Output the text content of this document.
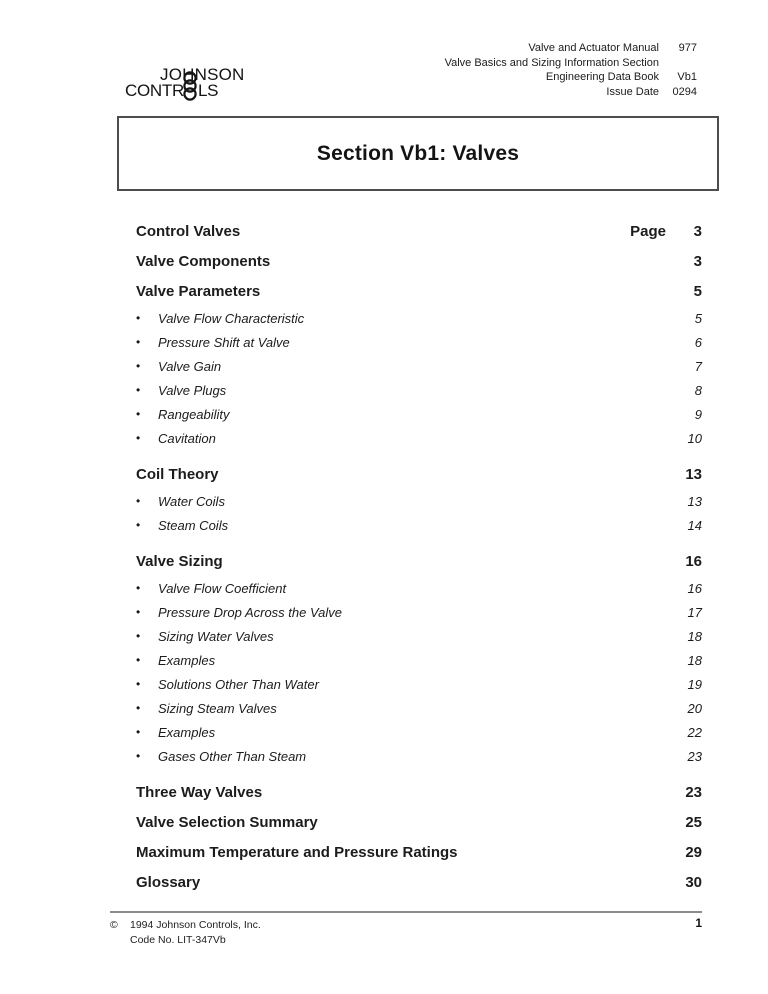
Valve and Actuator Manual	977
Valve Basics and Sizing Information Section
Engineering Data Book	Vb1
Issue Date	0294
JOHNSON
CONTR LS
Section Vb1: Valves
Control Valves	Page	3
Valve Components	3
Valve Parameters	5
•	Valve Flow Characteristic	5
•	Pressure Shift at Valve	6
•	Valve Gain	7
•	Valve Plugs	8
•	Rangeability	9
•	Cavitation	10
Coil Theory	13
•	Water Coils	13
•	Steam Coils	14
Valve Sizing	16
•	Valve Flow Coefficient	16
•	Pressure Drop Across the Valve	17
•	Sizing Water Valves	18
•	Examples	18
•	Solutions Other Than Water	19
•	Sizing Steam Valves	20
•	Examples	22
•	Gases Other Than Steam	23
Three Way Valves	23
Valve Selection Summary	25
Maximum Temperature and Pressure Ratings	29
Glossary	30
©	1994 Johnson Controls, Inc.
Code No. LIT-347Vb
1
